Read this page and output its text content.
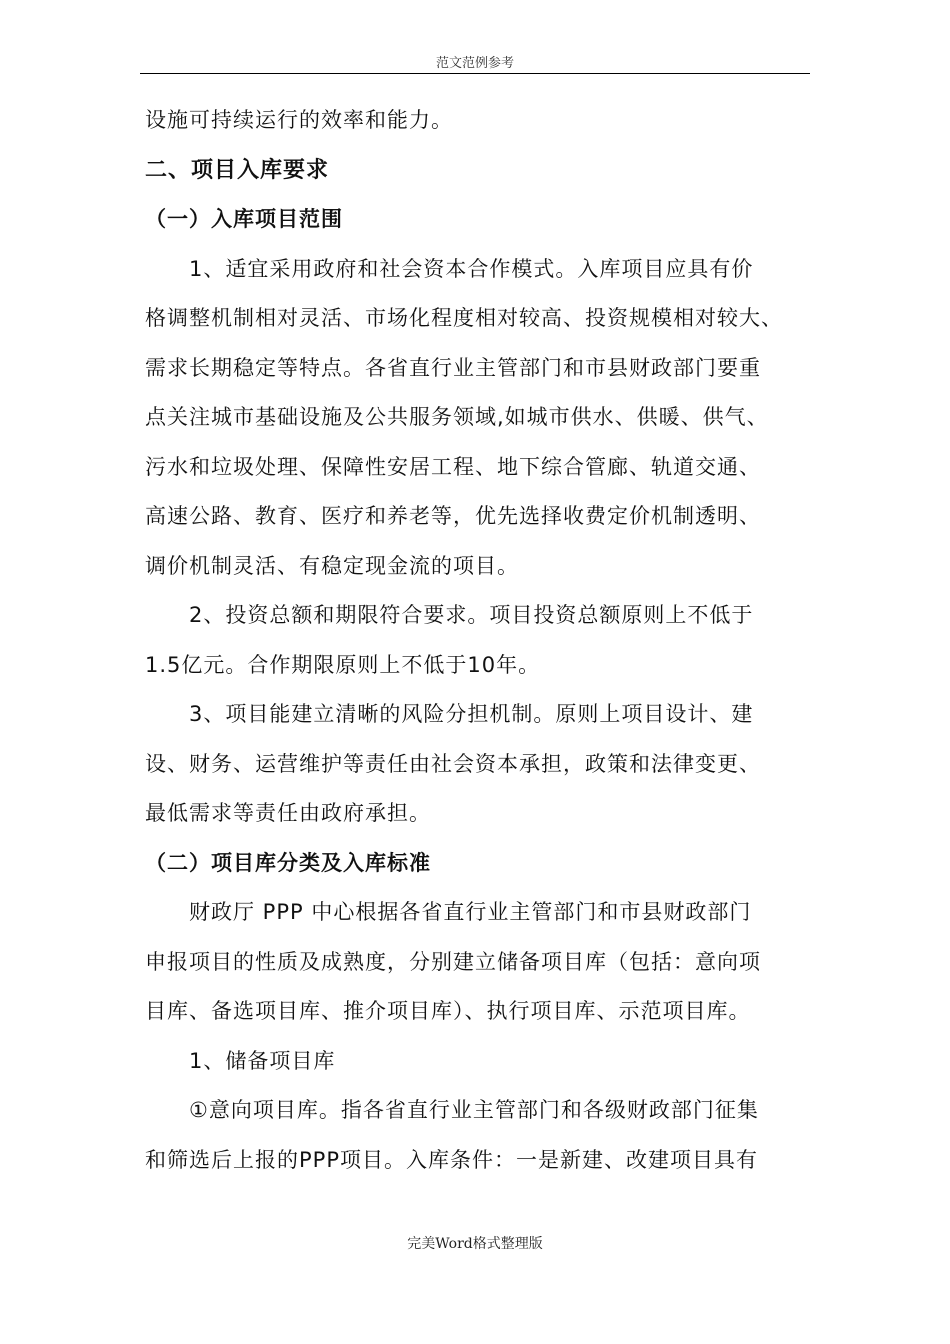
范文范例参考
设施可持续运行的效率和能力。
二、项目入库要求
（一）入库项目范围
1、适宜采用政府和社会资本合作模式。入库项目应具有价
格调整机制相对灵活、市场化程度相对较高、投资规模相对较大、
需求长期稳定等特点。各省直行业主管部门和市县财政部门要重
点关注城市基础设施及公共服务领域,如城市供水、供暖、供气、
污水和垃圾处理、保障性安居工程、地下综合管廊、轨道交通、
高速公路、教育、医疗和养老等，优先选择收费定价机制透明、
调价机制灵活、有稳定现金流的项目。
2、投资总额和期限符合要求。项目投资总额原则上不低于
1.5亿元。合作期限原则上不低于10年。
3、项目能建立清晰的风险分担机制。原则上项目设计、建
设、财务、运营维护等责任由社会资本承担，政策和法律变更、
最低需求等责任由政府承担。
（二）项目库分类及入库标准
财政厅 PPP 中心根据各省直行业主管部门和市县财政部门
申报项目的性质及成熟度，分别建立储备项目库（包括：意向项
目库、备选项目库、推介项目库）、执行项目库、示范项目库。
1、储备项目库
①意向项目库。指各省直行业主管部门和各级财政部门征集
和筛选后上报的PPP项目。入库条件：一是新建、改建项目具有
完美Word格式整理版
